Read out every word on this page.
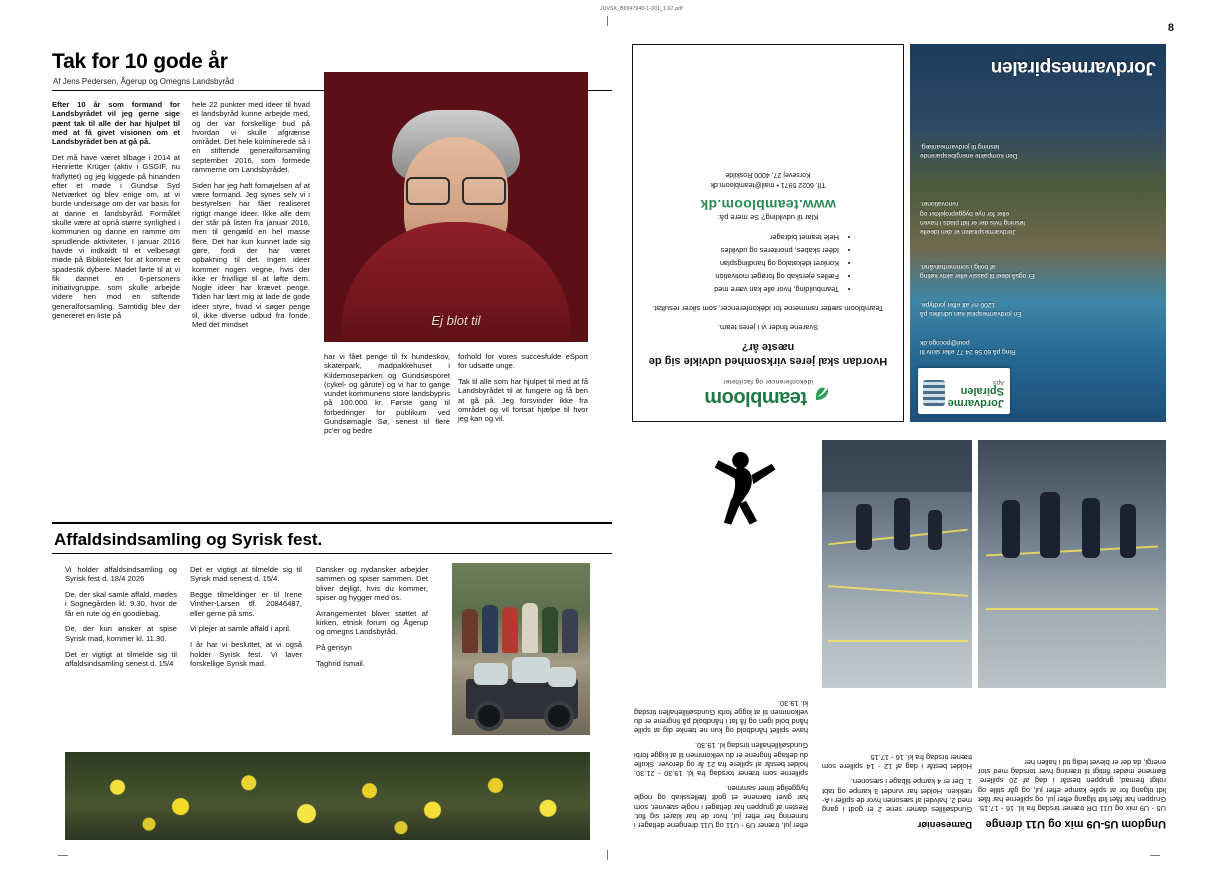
JUVSK_B6947940-1-001_1.67.pdf
8
Tak for 10 gode år

Af Jens Pedersen, Ågerup og Omegns Landsbyråd

Ej blot til

Efter 10 år som formand for Landsbyrådet vil jeg gerne sige pænt tak til alle der har hjulpet til med at få givet visionen om et Landsbyrådet ben at gå på.

Det må have været tilbage i 2014 at Henriette Krüger (aktiv i GSGIF, nu fraflyttet) og jeg kiggede på hinanden efter et møde i Gundsø Syd Netværket og blev enige om, at vi burde undersøge om der var basis for at danne et landsbyråd. Formålet skulle være at opnå større synlighed i kommunen og danne en ramme om sprudlende aktiviteter. I januar 2016 havde vi indkaldt til et velbesøgt møde på Biblioteket for at komme et spadestik dybere. Mødet førte til at vi fik dannet en 6-personers initiativgruppe, som skulle arbejde videre hen mod en stiftende generalforsamling. Samtidig blev der genereret en liste på

hele 22 punkter med ideer til hvad et landsbyråd kunne arbejde med, og der var forskellige bud på hvordan vi skulle afgrænse området. Det hele kulminerede så i en stiftende generalforsamling september 2016, som formede rammerne om Landsbyrådet.

Siden har jeg haft fornøjelsen af at være formand. Jeg synes selv vi i bestyrelsen har fået realiseret rigtigt mange ideer. Ikke alle dem der står på listen fra januar 2016, men til gengæld en hel masse flere. Det har kun kunnet lade sig gøre, fordi der har været opbakning til det. Ingen ideer kommer nogen vegne, hvis der ikke er frivillige til at løfte dem. Nogle ideer har krævet penge. Tiden har lært mig at lade de gode ideer styre, hvad vi søger penge til, ikke diverse udbud fra fonde. Med det mindset

har vi fået penge til fx hundeskov, skaterpark, madpakkehuset i Kildemoseparken og Gundsøsporet (cykel- og gårute) og vi har to gange vundet kommunens store landsbypris på 100.000 kr. Første gang til forbedringer for publikum ved Gundsømagle Sø, senest til flere pc'er og bedre

forhold for vores succesfulde eSport for udsatte unge.

Tak til alle som har hjulpet til med at få Landsbyrådet til at fungere og få ben at gå på. Jeg forsvinder ikke fra området og vil fortsat hjælpe til hvor jeg kan og vil.

Affaldsindsamling og Syrisk fest.

Vi holder affaldsindsamling og Syrisk fest d. 18/4 2026

De, der skal samle affald, mødes i Sognegården kl. 9.30, hvor de får en rute og en goodiebag.

De, der kun ønsker at spise Syrisk mad, kommer kl. 11.30.

Det er vigtigt at tilmelde sig til affaldsindsamling senest d. 15/4

Det er vigtigt at tilmelde sig til Syrisk mad senest d. 15/4.

Begge tilmeldinger er til Irene Vinther-Larsen tlf. 20846487, eller gerne på sms.

Vi plejer at samle affald i april.

I år har vi besluttet, at vi også holder Syrisk fest. Vi laver forskellige Syrisk mad.

Dansker og nydansker arbejder sammen og spiser sammen. Det bliver dejligt, hvis du kommer, spiser og hygger med os.

Arrangementet bliver støttet af kirken, etnisk forum og Ågerup og omegns Landsbyråd.

På gensyn

Taghrid Ismail.

teambloom
idékonferencer og faciliteter
Hvordan skal jeres virksomhed udvikle sig de næste år?
Svarene finder vi i jeres team.
Teambloom sætter rammerne for idékonferencer, som sikrer resultat.
• Teambuilding, hvor alle kan være med
• Fælles ejerskab og forøget motivation
• Konkret idékatalog og handlingsplan
• Idéer skabes, prioriteres og udvikles
• Hele teamet bidrager
Klar til udvikling? Se mere på:
www.teambloom.dk
Tlf. 6022 5971 • mail@teambloom.dk
Korsevej 27, 4000 Roskilde
Jordvarmespiralen
Jordvarme
Spiralen
ApS
Ring på 60 56 24 77 eller skriv til poul@pocogo.dk
En jordvarmespiral kan udrulles på 1200 m² alt efter jordtype.
Er også ideel til passiv eller aktiv køling af bolig i sommerhalvåret.
Jordvarmespiralen er den ideelle løsning hvis der er lidt plads i haven eller for nye byggeprojekter og renovationer.
Den kompakte energibesparende løsning til jordvarmeanlæg.
Ungdom U5-U9 mix og U11 drenge

U5 - U9 mix og U11 DR træner tirsdag fra kl. 16 - 17.15. Gruppen har fået lidt tilgang efter jul, og spillerne har fået lidt tilgang for at spille kampe efter jul, og går stille og roligt fremad, gruppen består i dag af 20 spillere. Børnene møder flittigt til træning hver torsdag med stor energi, da der er blevet ledig tid i hallen her

Dameseniør

Gundsølilles damer serie 2 er godt i gang med 2. halvdel af sæsonen hvor de spiller i A-rækken. Holdet har vundet 3 kampe og tabt 1. Der er 4 kampe tilbage i sæsonen.

Holdet består i dag af 12 - 14 spillere som træner tirsdag fra kl. 16 - 17.15

efter jul, træner U9 - U11 og U11 drengene deltager i turnering her efter jul, hvor de har klaret sig flot. Resten af gruppen har deltaget i nogle stævner, som har givet børnene et godt fællesskab og nogle hyggelige timer sammen.

spillerne som træner torsdag fra kl. 19.30 - 21.30, holdet består af spillere fra 21 år og derover. Skulle du deltage fingrene er du velkommen til at kigge forbi Gundsølillehallen tirsdag kl. 19.30.

have spillet håndbold og kun ne tænke dig at spille hånd bold igen og få fat i håndbold på fingrene er du velkommen til at kigge forbi Gundsølillehallen tirsdag kl. 19.30.
